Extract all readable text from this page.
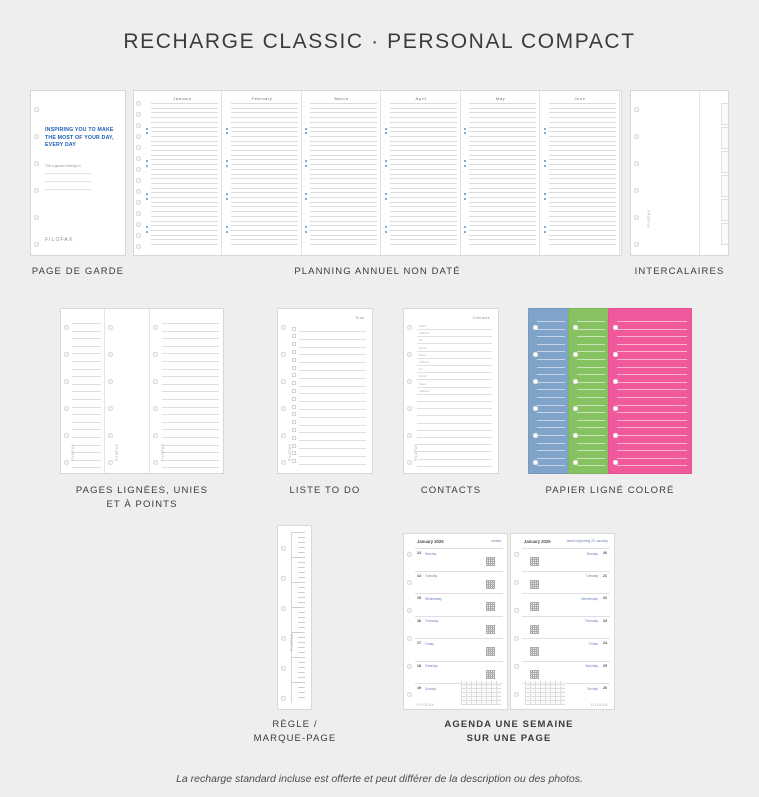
RECHARGE CLASSIC · PERSONAL COMPACT
INSPIRING YOU TO MAKE THE MOST OF YOUR DAY, EVERY DAY
This organiser belongs to
FILOFAX
PAGE DE GARDE
January	February	March	April	May	June
PLANNING ANNUEL NON DATÉ
FILOFAX
INTERCALAIRES
FILOFAX	FILOFAX	FILOFAX
PAGES LIGNÉES, UNIES
ET À POINTS
To do
FILOFAX
LISTE TO DO
Contacts
Name
Address
Tel
Email
Name
Address
Tel
Email
Name
Address
FILOFAX
CONTACTS	PAPIER LIGNÉ COLORÉ
FILOFAX
RÈGLE /
MARQUE-PAGE
January 2025	weeks
13 Monday
14 Tuesday
15 Wednesday
16 Thursday
17 Friday
18 Saturday
19 Sunday
FILOFAX
January 2025	week beginning 20 January
20
Monday
21
Tuesday
22
Wednesday
23
Thursday
24
Friday
25
Saturday
26
Sunday
FILOFAX
AGENDA UNE SEMAINE
SUR UNE PAGE
La recharge standard incluse est offerte et peut différer de la description ou des photos.
